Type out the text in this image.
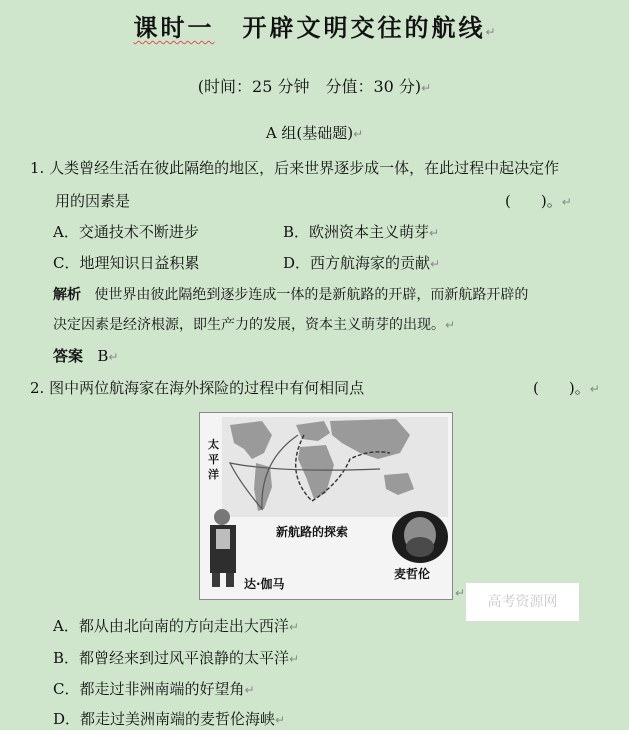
课时一 开辟文明交往的航线↵
(时间：25 分钟　分值：30 分)↵
A 组(基础题)↵
1. 人类曾经生活在彼此隔绝的地区，后来世界逐步成一体，在此过程中起决定作
用的因素是	(　　)。↵
A．交通技术不断进步	B．欧洲资本主义萌芽↵
C．地理知识日益积累	D．西方航海家的贡献↵
解析 使世界由彼此隔绝到逐步连成一体的是新航路的开辟，而新航路开辟的
决定因素是经济根源，即生产力的发展，资本主义萌芽的出现。↵
答案 B↵
2. 图中两位航海家在海外探险的过程中有何相同点	(　　)。↵
太平洋
新航路的探索
达·伽马
麦哲伦
↵
高考资源网
A．都从由北向南的方向走出大西洋↵
B．都曾经来到过风平浪静的太平洋↵
C．都走过非洲南端的好望角↵
D．都走过美洲南端的麦哲伦海峡↵
